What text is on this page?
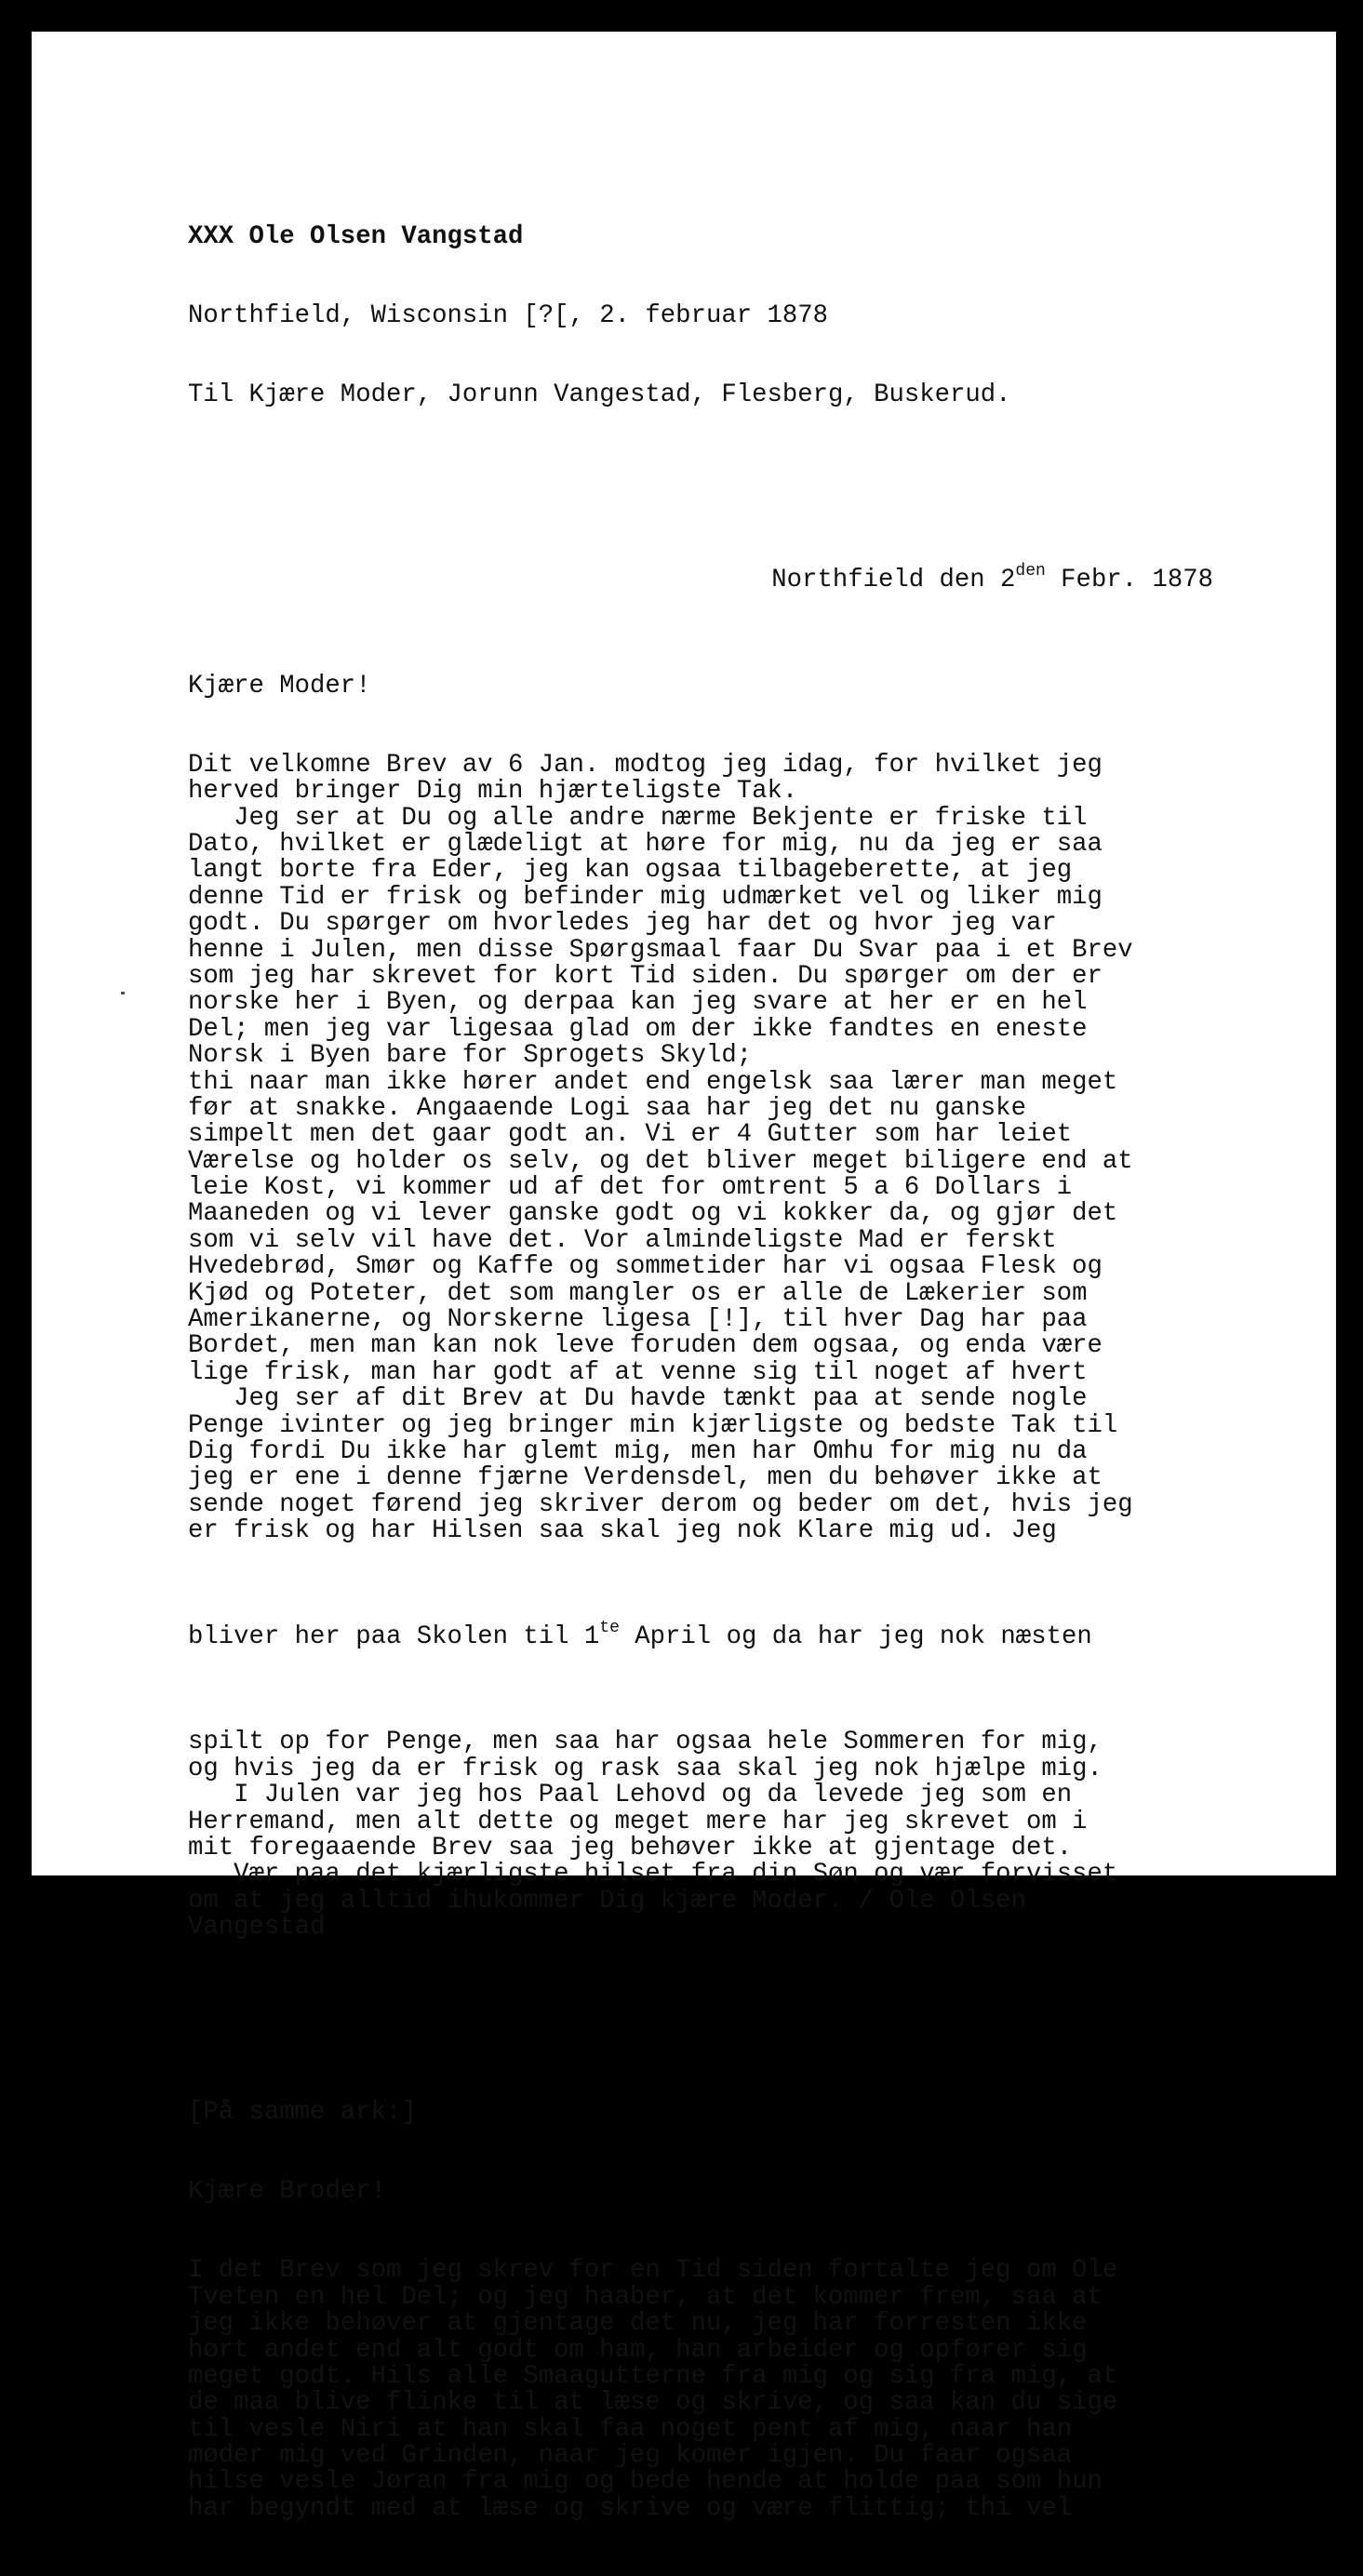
XXX Ole Olsen Vangstad

Northfield, Wisconsin [?[, 2. februar 1878

Til Kjære Moder, Jorunn Vangestad, Flesberg, Buskerud.

Northfield den $2^{den}$ Febr. 1878

Kjære Moder!

Dit velkomne Brev av 6 Jan. modtog jeg idag, for hvilket jeg
herved bringer Dig min hjærteligste Tak.
Jeg ser at Du og alle andre nærme Bekjente er friske til
Dato, hvilket er glædeligt at høre for mig, nu da jeg er saa
langt borte fra Eder, jeg kan ogsaa tilbageberette, at jeg
denne Tid er frisk og befinder mig udmærket vel og liker mig
godt. Du spørger om hvorledes jeg har det og hvor jeg var
henne i Julen, men disse Spørgsmaal faar Du Svar paa i et Brev
som jeg har skrevet for kort Tid siden. Du spørger om der er
norske her i Byen, og derpaa kan jeg svare at her er en hel
Del; men jeg var ligesaa glad om der ikke fandtes en eneste
Norsk i Byen bare for Sprogets Skyld;
thi naar man ikke hører andet end engelsk saa lærer man meget
før at snakke. Angaaende Logi saa har jeg det nu ganske
simpelt men det gaar godt an. Vi er 4 Gutter som har leiet
Værelse og holder os selv, og det bliver meget biligere end at
leie Kost, vi kommer ud af det for omtrent 5 a 6 Dollars i
Maaneden og vi lever ganske godt og vi kokker da, og gjør det
som vi selv vil have det. Vor almindeligste Mad er ferskt
Hvedebrød, Smør og Kaffe og sommetider har vi ogsaa Flesk og
Kjød og Poteter, det som mangler os er alle de Lækerier som
Amerikanerne, og Norskerne ligesa [!], til hver Dag har paa
Bordet, men man kan nok leve foruden dem ogsaa, og enda være
lige frisk, man har godt af at venne sig til noget af hvert
Jeg ser af dit Brev at Du havde tænkt paa at sende nogle
Penge ivinter og jeg bringer min kjærligste og bedste Tak til
Dig fordi Du ikke har glemt mig, men har Omhu for mig nu da
jeg er ene i denne fjærne Verdensdel, men du behøver ikke at
sende noget førend jeg skriver derom og beder om det, hvis jeg
er frisk og har Hilsen saa skal jeg nok Klare mig ud. Jeg

bliver her paa Skolen til $1^{te}$ April og da har jeg nok næsten

spilt op for Penge, men saa har ogsaa hele Sommeren for mig,
og hvis jeg da er frisk og rask saa skal jeg nok hjælpe mig.
I Julen var jeg hos Paal Lehovd og da levede jeg som en
Herremand, men alt dette og meget mere har jeg skrevet om i
mit foregaaende Brev saa jeg behøver ikke at gjentage det.
Vær paa det kjærligste hilset fra din Søn og vær forvisset
om at jeg alltid ihukommer Dig kjære Moder. / Ole Olsen
Vangestad

[På samme ark:]

Kjære Broder!

I det Brev som jeg skrev for en Tid siden fortalte jeg om Ole
Tveten en hel Del; og jeg haaber, at det kommer frem, saa at
jeg ikke behøver at gjentage det nu, jeg har forresten ikke
hørt andet end alt godt om ham, han arbeider og opfører sig
meget godt. Hils alle Smaagutterne fra mig og sig fra mig, at
de maa blive flinke til at læse og skrive, og saa kan du sige
til vesle Niri at han skal faa noget pent af mig, naar han
møder mig ved Grinden, naar jeg komer igjen. Du faar ogsaa
hilse vesle Jøran fra mig og bede hende at holde paa som hun
har begyndt med at læse og skrive og være flittig; thi vel
